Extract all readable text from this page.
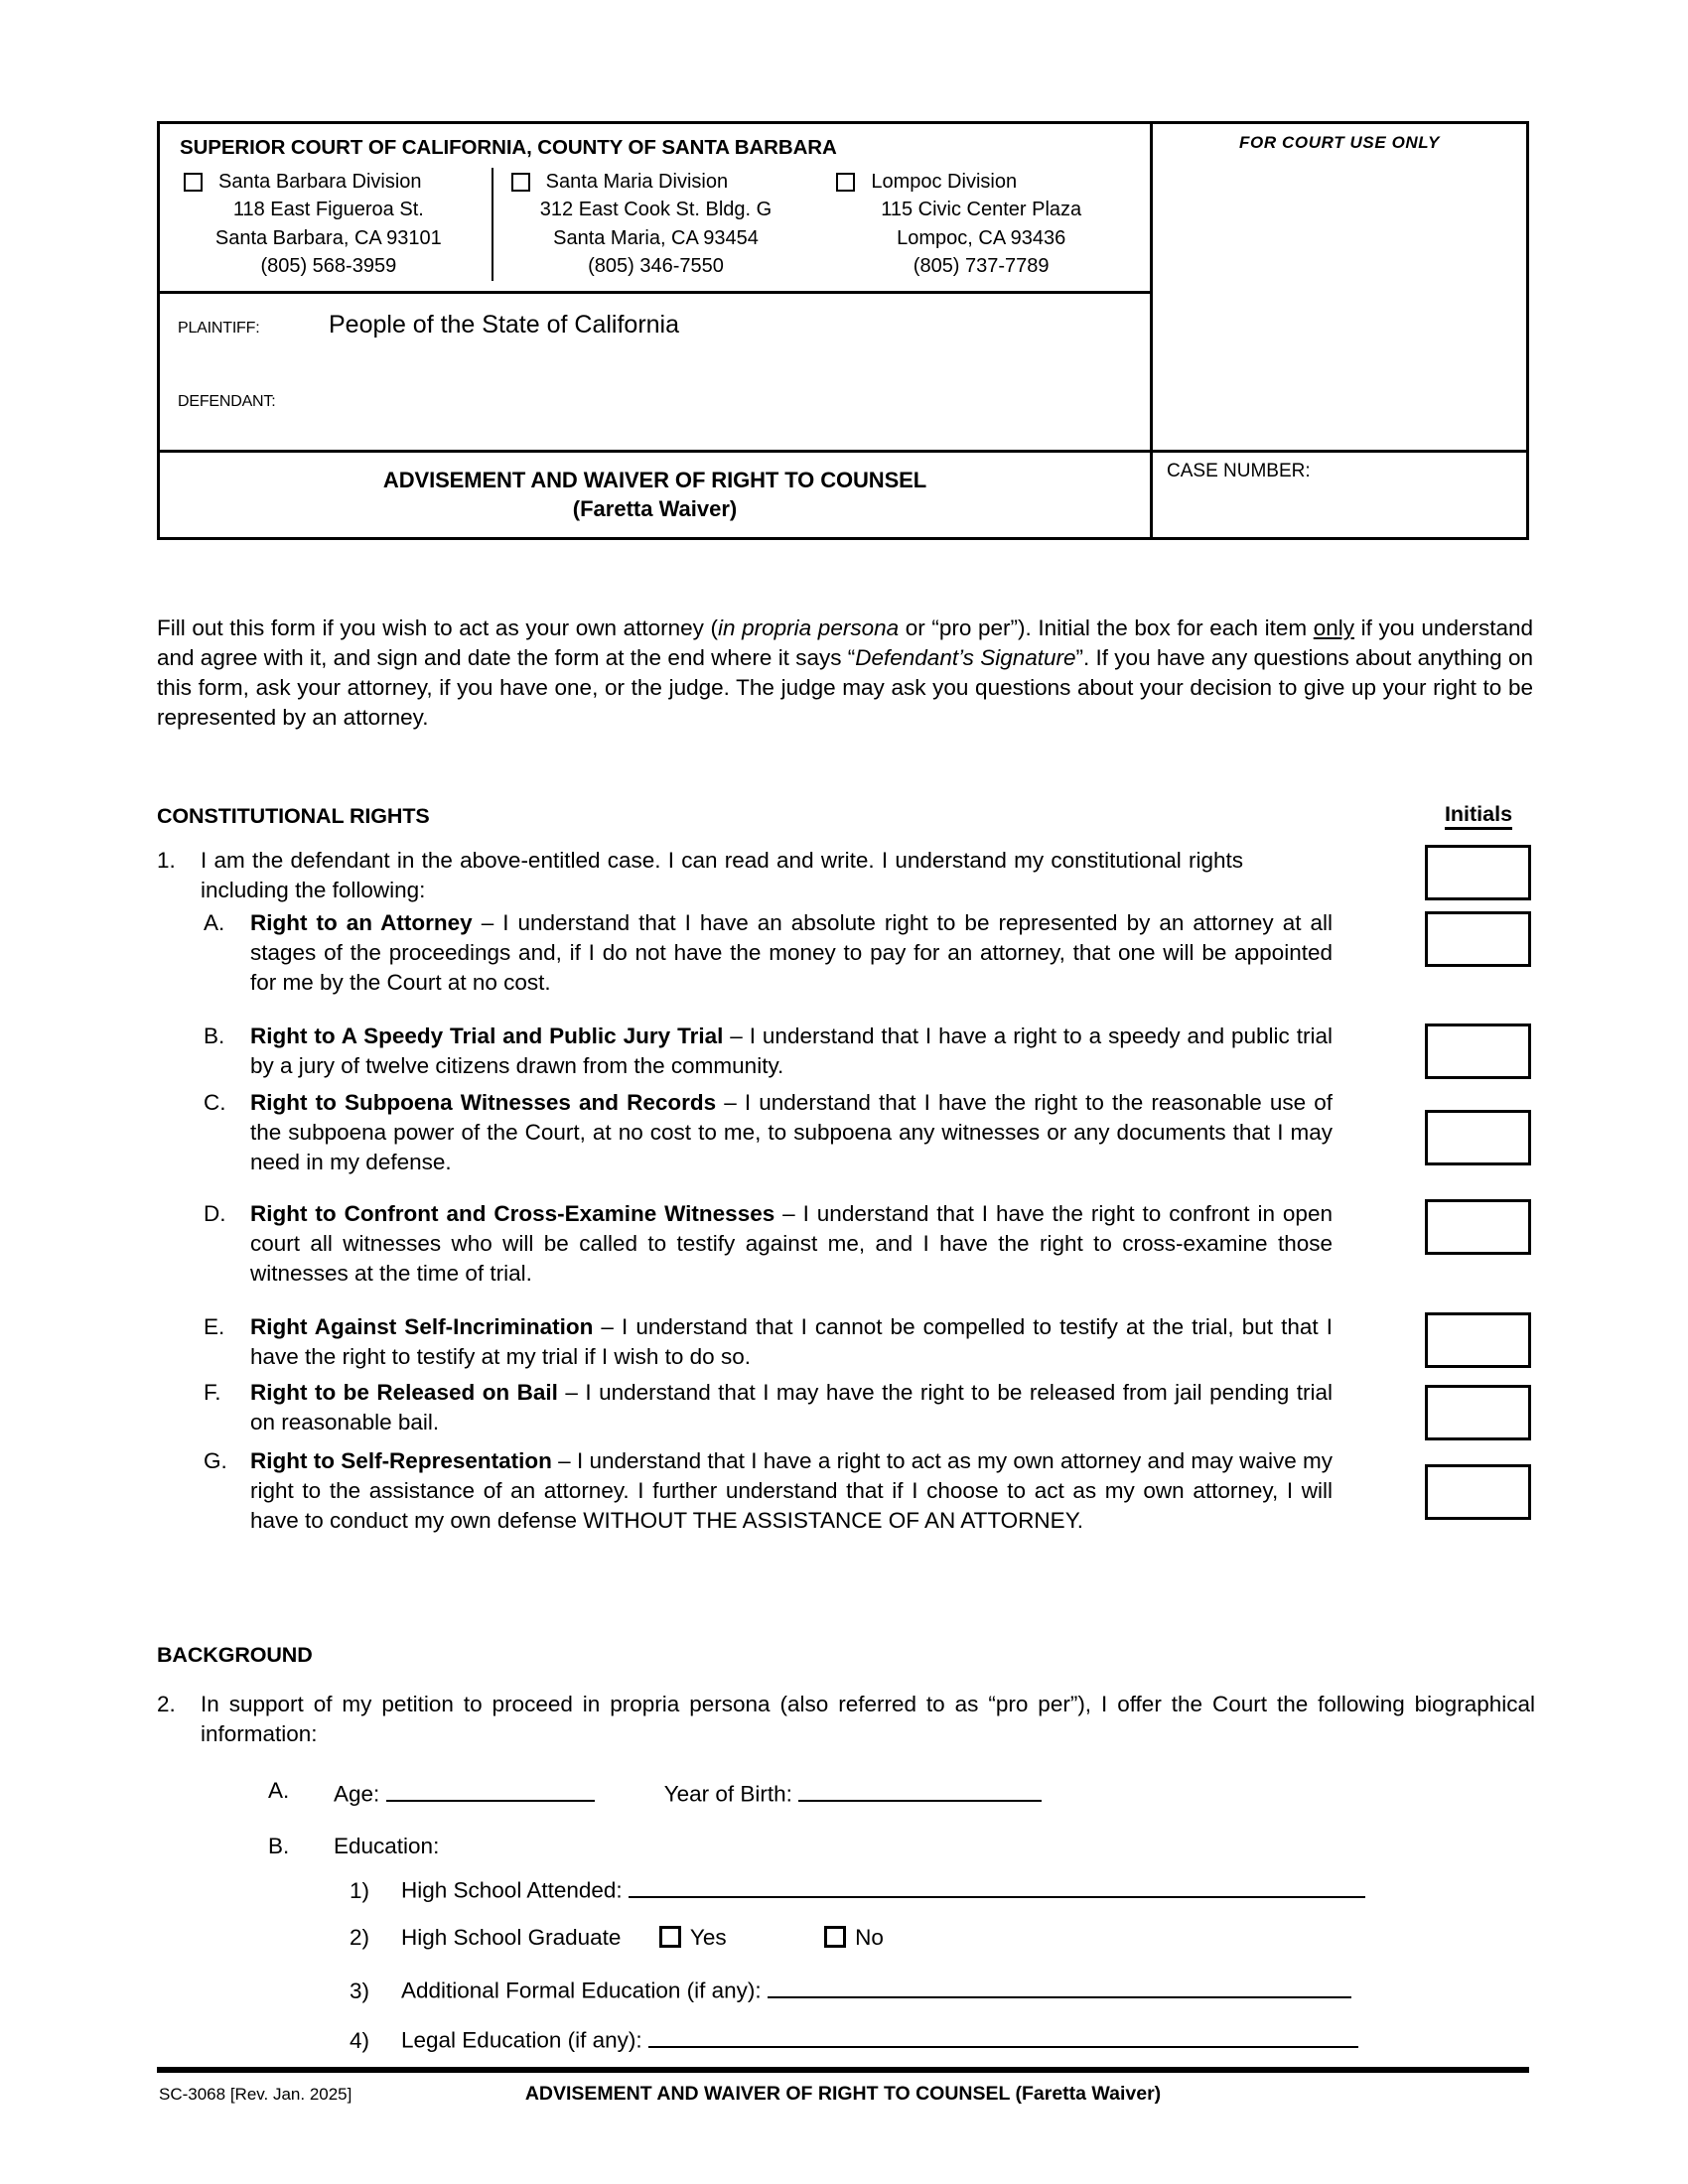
SUPERIOR COURT OF CALIFORNIA, COUNTY OF SANTA BARBARA
Santa Barbara Division
118 East Figueroa St.
Santa Barbara, CA 93101
(805) 568-3959
Santa Maria Division
312 East Cook St. Bldg. G
Santa Maria, CA 93454
(805) 346-7550
Lompoc Division
115 Civic Center Plaza
Lompoc, CA 93436
(805) 737-7789
FOR COURT USE ONLY
PLAINTIFF:	People of the State of California
DEFENDANT:
ADVISEMENT AND WAIVER OF RIGHT TO COUNSEL
(Faretta Waiver)
CASE NUMBER:
Fill out this form if you wish to act as your own attorney (in propria persona or “pro per”). Initial the box for each item only if you understand and agree with it, and sign and date the form at the end where it says “Defendant’s Signature”. If you have any questions about anything on this form, ask your attorney, if you have one, or the judge. The judge may ask you questions about your decision to give up your right to be represented by an attorney.
CONSTITUTIONAL RIGHTS	Initials
1.	I am the defendant in the above-entitled case. I can read and write. I understand my constitutional rights including the following:
A.	Right to an Attorney – I understand that I have an absolute right to be represented by an attorney at all stages of the proceedings and, if I do not have the money to pay for an attorney, that one will be appointed for me by the Court at no cost.
B.	Right to A Speedy Trial and Public Jury Trial – I understand that I have a right to a speedy and public trial by a jury of twelve citizens drawn from the community.
C.	Right to Subpoena Witnesses and Records – I understand that I have the right to the reasonable use of the subpoena power of the Court, at no cost to me, to subpoena any witnesses or any documents that I may need in my defense.
D.	Right to Confront and Cross-Examine Witnesses – I understand that I have the right to confront in open court all witnesses who will be called to testify against me, and I have the right to cross-examine those witnesses at the time of trial.
E.	Right Against Self-Incrimination – I understand that I cannot be compelled to testify at the trial, but that I have the right to testify at my trial if I wish to do so.
F.	Right to be Released on Bail – I understand that I may have the right to be released from jail pending trial on reasonable bail.
G.	Right to Self-Representation – I understand that I have a right to act as my own attorney and may waive my right to the assistance of an attorney. I further understand that if I choose to act as my own attorney, I will have to conduct my own defense WITHOUT THE ASSISTANCE OF AN ATTORNEY.
BACKGROUND
2.	In support of my petition to proceed in propria persona (also referred to as “pro per”), I offer the Court the following biographical information:
A.	Age:	Year of Birth:
B.	Education:
1)	High School Attended:
2)	High School Graduate	Yes
	No
3)	Additional Formal Education (if any):
4)	Legal Education (if any):
SC-3068 [Rev. Jan. 2025]	ADVISEMENT AND WAIVER OF RIGHT TO COUNSEL (Faretta Waiver)
